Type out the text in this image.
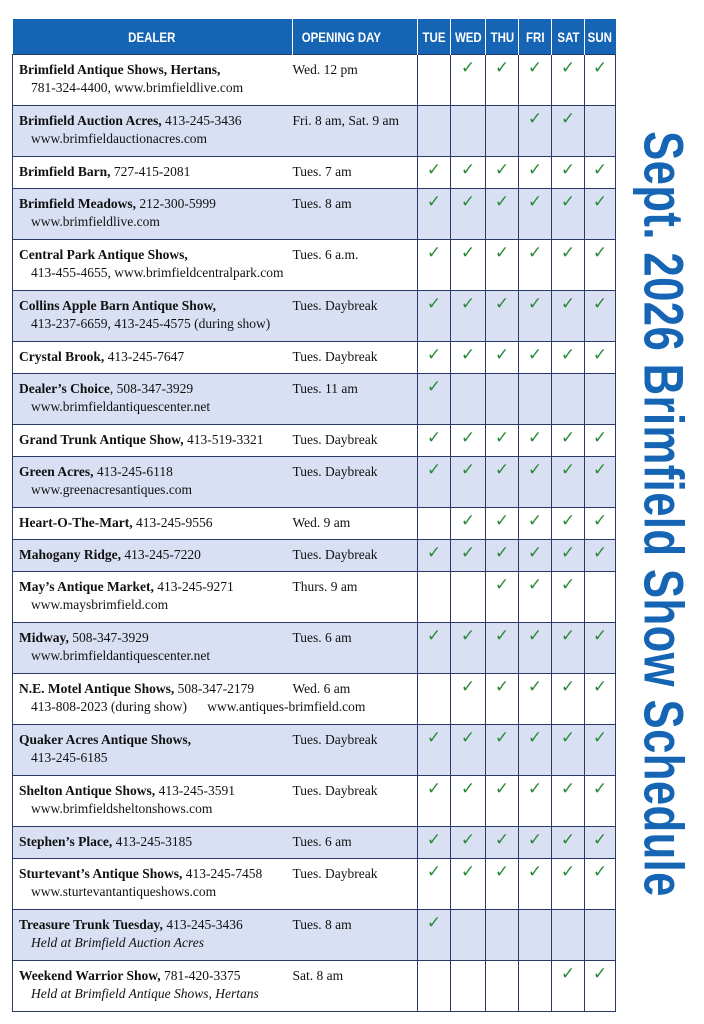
DEALER	OPENING DAY	TUE	WED	THU	FRI	SAT	SUN
Brimfield Antique Shows, Hertans,
781-324-4400, www.brimfieldlive.com	Wed. 12 pm		✓	✓	✓	✓	✓
Brimfield Auction Acres, 413-245-3436
www.brimfieldauctionacres.com	Fri. 8 am, Sat. 9 am				✓	✓	
Brimfield Barn, 727-415-2081	Tues. 7 am	✓	✓	✓	✓	✓	✓
Brimfield Meadows, 212-300-5999
www.brimfieldlive.com	Tues. 8 am	✓	✓	✓	✓	✓	✓
Central Park Antique Shows,
413-455-4655, www.brimfieldcentralpark.com	Tues. 6 a.m.	✓	✓	✓	✓	✓	✓
Collins Apple Barn Antique Show,
413-237-6659, 413-245-4575 (during show)	Tues. Daybreak	✓	✓	✓	✓	✓	✓
Crystal Brook, 413-245-7647	Tues. Daybreak	✓	✓	✓	✓	✓	✓
Dealer’s Choice, 508-347-3929
www.brimfieldantiquescenter.net	Tues. 11 am	✓					
Grand Trunk Antique Show, 413-519-3321	Tues. Daybreak	✓	✓	✓	✓	✓	✓
Green Acres, 413-245-6118
www.greenacresantiques.com	Tues. Daybreak	✓	✓	✓	✓	✓	✓
Heart-O-The-Mart, 413-245-9556	Wed. 9 am		✓	✓	✓	✓	✓
Mahogany Ridge, 413-245-7220	Tues. Daybreak	✓	✓	✓	✓	✓	✓
May’s Antique Market, 413-245-9271
www.maysbrimfield.com	Thurs. 9 am			✓	✓	✓	
Midway, 508-347-3929
www.brimfieldantiquescenter.net	Tues. 6 am	✓	✓	✓	✓	✓	✓
N.E. Motel Antique Shows, 508-347-2179
413-808-2023 (during show)      www.antiques-brimfield.com	Wed. 6 am		✓	✓	✓	✓	✓
Quaker Acres Antique Shows,
413-245-6185	Tues. Daybreak	✓	✓	✓	✓	✓	✓
Shelton Antique Shows, 413-245-3591
www.brimfieldsheltonshows.com	Tues. Daybreak	✓	✓	✓	✓	✓	✓
Stephen’s Place, 413-245-3185	Tues. 6 am	✓	✓	✓	✓	✓	✓
Sturtevant’s Antique Shows, 413-245-7458
www.sturtevantantiqueshows.com	Tues. Daybreak	✓	✓	✓	✓	✓	✓
Treasure Trunk Tuesday, 413-245-3436
Held at Brimfield Auction Acres	Tues. 8 am	✓					
Weekend Warrior Show, 781-420-3375
Held at Brimfield Antique Shows, Hertans	Sat. 8 am					✓	✓
Sept. 2026 Brimfield Show Schedule
